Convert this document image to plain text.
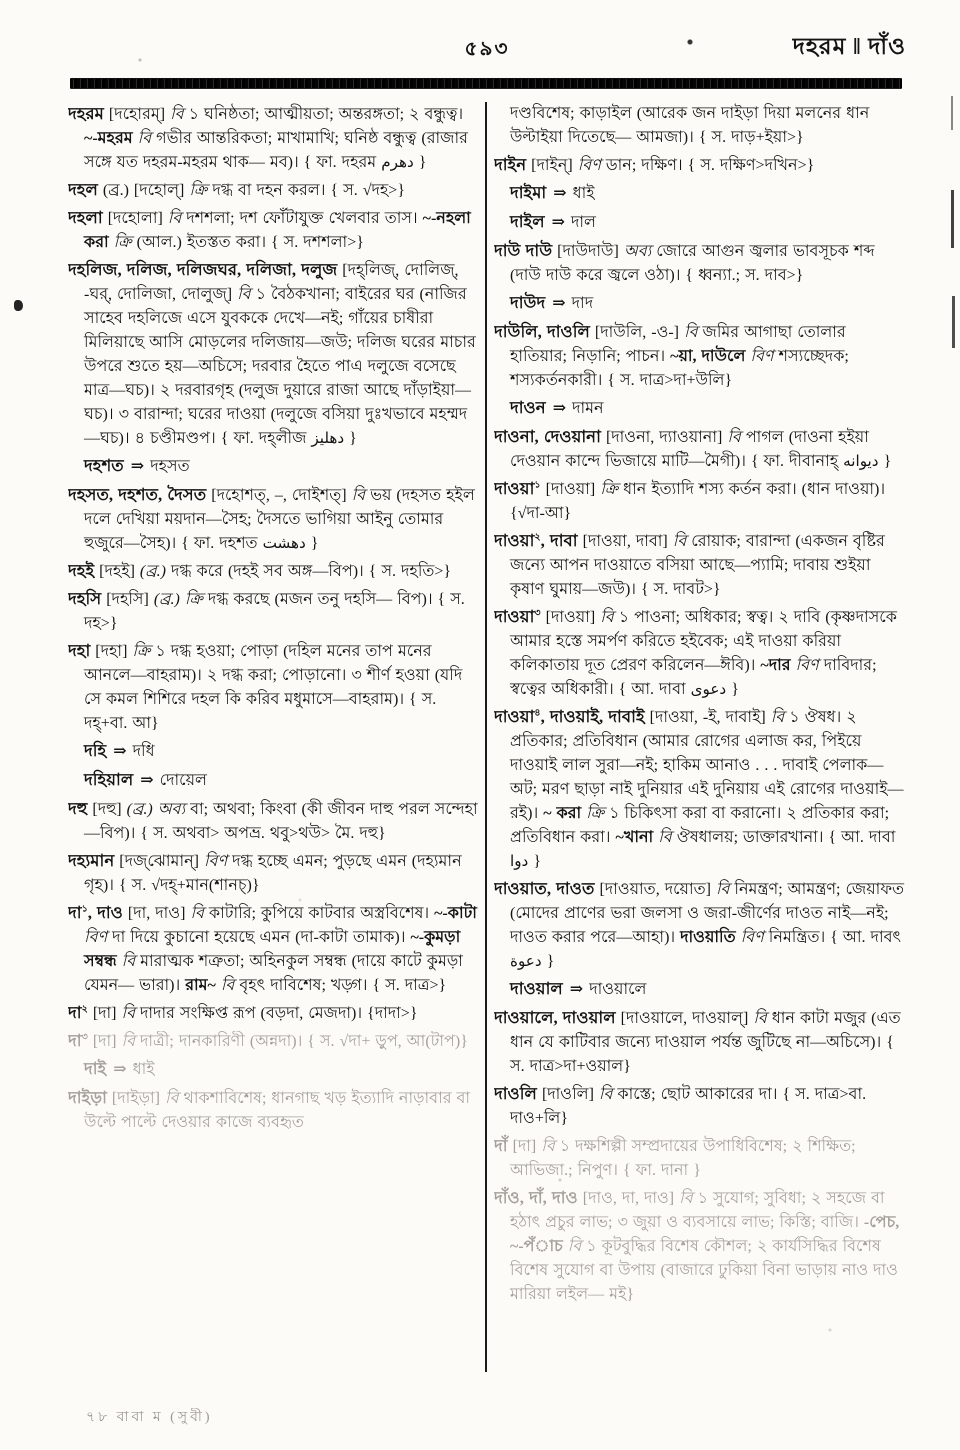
৫৯৩	দহরম ‖ দাঁও

দহরম [দহোরম্‌] বি ১ ঘনিষ্ঠতা; আত্মীয়তা; অন্তরঙ্গতা; ২ বন্ধুত্ব। ~-মহরম বি গভীর আন্তরিকতা; মাখামাখি; ঘনিষ্ঠ বন্ধুত্ব (রাজার সঙ্গে যত দহরম-মহরম থাক— মব)। { ফা. দহরম دهرم }

দহল (ব্র.) [দহোল্‌] ক্রি দগ্ধ বা দহন করল। { স. √দহ>}

দহলা [দহোলা] বি দশশলা; দশ ফোঁটাযুক্ত খেলবার তাস। ~-নহলা করা ক্রি (আল.) ইতস্তত করা। { স. দশশলা>}

দহলিজ, দলিজ, দলিজঘর, দলিজা, দলুজ [দহ্‌লিজ্‌, দোলিজ্‌, -ঘর্‌, দোলিজা, দোলুজ্‌] বি ১ বৈঠকখানা; বাইরের ঘর (নাজির সাহেব দহলিজে এসে যুবককে দেখে—নই; গাঁয়ের চাষীরা মিলিয়াছে আসি মোড়লের দলিজায়—জউ; দলিজ ঘরের মাচার উপরে শুতে হয়—অচিসে; দরবার হৈতে পাএ দলুজে বসেছে মাত্র—ঘচ)। ২ দরবারগৃহ (দলুজ দুয়ারে রাজা আছে দাঁড়াইয়া—ঘচ)। ৩ বারান্দা; ঘরের দাওয়া (দলুজে বসিয়া দুঃখভাবে মহম্মদ—ঘচ)। ৪ চণ্ডীমণ্ডপ। { ফা. দহ্‌লীজ دهليز }

দহশত ⇒ দহসত

দহসত, দহশত, দৈসত [দহোশত্‌, –, দোইশত্‌] বি ভয় (দহসত হইল দলে দেখিয়া ময়দান—সৈহ; দৈসতে ভাগিয়া আইনু তোমার হুজুরে—সৈহ)। { ফা. দহশত دهشت }

দহই [দহই] (ব্র.) দগ্ধ করে (দহই সব অঙ্গ—বিপ)। { স. দহতি>}

দহসি [দহসি] (ব্র.) ক্রি দগ্ধ করছে (মজন তনু দহসি— বিপ)। { স. দহ>}

দহা [দহা] ক্রি ১ দগ্ধ হওয়া; পোড়া (দহিল মনের তাপ মনের আনলে—বাহরাম)। ২ দগ্ধ করা; পোড়ানো। ৩ শীর্ণ হওয়া (যদি সে কমল শিশিরে দহল কি করিব মধুমাসে—বাহরাম)। { স. দহ্‌+বা. আ}

দহি ⇒ দধি

দহিয়াল ⇒ দোয়েল

দহু [দহু] (ব্র.) অব্য বা; অথবা; কিংবা (কী জীবন দাহু পরল সন্দেহা—বিপ)। { স. অথবা> অপভ্র. থবু>থউ> মৈ. দহু}

দহ্যমান [দজ্‌ঝোমান্‌] বিণ দগ্ধ হচ্ছে এমন; পুড়ছে এমন (দহ্যমান গৃহ)। { স. √দহ্‌+মান(শানচ্)}

দা$^১$, দাও [দা, দাও] বি কাটারি; কুপিয়ে কাটবার অস্ত্রবিশেষ। ~-কাটা বিণ দা দিয়ে কুচানো হয়েছে এমন (দা-কাটা তামাক)। ~-কুমড়া সম্বন্ধ বি মারাত্মক শত্রুতা; অহিনকুল সম্বন্ধ (দায়ে কাটে কুমড়া যেমন— ভারা)। রাম~ বি বৃহৎ দাবিশেষ; খড়্গ। { স. দাত্র>}

দা$^২$ [দা] বি দাদার সংক্ষিপ্ত রূপ (বড়দা, মেজদা)। {দাদা>}

দা$^৩$ [দা] বি দাত্রী; দানকারিণী (অন্নদা)। { স. √দা+ ড়ুপ, আ(টাপ)}

দাই ⇒ ধাই

দাইড়া [দাইড়া] বি থাকশাবিশেষ; ধানগাছ খড় ইত্যাদি নাড়াবার বা উল্টে পাল্টে দেওয়ার কাজে ব্যবহৃত

দণ্ডবিশেষ; কাড়াইল (আরেক জন দাইড়া দিয়া মলনের ধান উল্টাইয়া দিতেছে— আমজা)। { স. দাড়+ইয়া>}

দাইন [দাইন্‌] বিণ ডান; দক্ষিণ। { স. দক্ষিণ>দখিন>}

দাইমা ⇒ ধাই

দাইল ⇒ দাল

দাউ দাউ [দাউদাউ] অব্য জোরে আগুন জ্বলার ভাবসূচক শব্দ (দাউ দাউ করে জ্বলে ওঠা)। { ধ্বন্যা.; স. দাব>}

দাউদ ⇒ দাদ

দাউলি, দাওলি [দাউলি, -ও-] বি জমির আগাছা তোলার হাতিয়ার; নিড়ানি; পাচন। ~য়া, দাউলে বিণ শস্যচ্ছেদক; শস্যকর্তনকারী। { স. দাত্র>দা+উলি}

দাওন ⇒ দামন

দাওনা, দেওয়ানা [দাওনা, দ্যাওয়ানা] বি পাগল (দাওনা হইয়া দেওয়ান কান্দে ভিজায়ে মাটি—মৈগী)। { ফা. দীবানাহ্‌ ديوانه }

দাওয়া$^১$ [দাওয়া] ক্রি ধান ইত্যাদি শস্য কর্তন করা। (ধান দাওয়া)। {√দা-আ}

দাওয়া$^২$, দাবা [দাওয়া, দাবা] বি রোয়াক; বারান্দা (একজন বৃষ্টির জন্যে আপন দাওয়াতে বসিয়া আছে—প্যামি; দাবায় শুইয়া কৃষাণ ঘুমায়—জউ)। { স. দাবট>}

দাওয়া$^৩$ [দাওয়া] বি ১ পাওনা; অধিকার; স্বত্ব। ২ দাবি (কৃষ্ণদাসকে আমার হস্তে সমর্পণ করিতে হইবেক; এই দাওয়া করিয়া কলিকাতায় দূত প্রেরণ করিলেন—ঈবি)। ~দার বিণ দাবিদার; স্বত্বের অধিকারী। { আ. দাবা دعوى }

দাওয়া$^৪$, দাওয়াই, দাবাই [দাওয়া, -ই, দাবাই] বি ১ ঔষধ। ২ প্রতিকার; প্রতিবিধান (আমার রোগের এলাজ কর, পিইয়ে দাওয়াই লাল সুরা—নই; হাকিম আনাও . . . দাবাই পেলাক— অট; মরণ ছাড়া নাই দুনিয়ার এই দুনিয়ায় এই রোগের দাওয়াই—রই)। ~ করা ক্রি ১ চিকিৎসা করা বা করানো। ২ প্রতিকার করা; প্রতিবিধান করা। ~খানা বি ঔষধালয়; ডাক্তারখানা। { আ. দাবা دوا }

দাওয়াত, দাওত [দাওয়াত, দয়োত] বি নিমন্ত্রণ; আমন্ত্রণ; জেয়াফত (মোদের প্রাণের ভরা জলসা ও জরা-জীর্ণের দাওত নাই—নই; দাওত করার পরে—আহা)। দাওয়াতি বিণ নিমন্ত্রিত। { আ. দাবৎ دعوة }

দাওয়াল ⇒ দাওয়ালে

দাওয়ালে, দাওয়াল [দাওয়ালে, দাওয়াল্‌] বি ধান কাটা মজুর (এত ধান যে কাটিবার জন্যে দাওয়াল পর্যন্ত জুটিছে না—অচিসে)। { স. দাত্র>দা+ওয়াল}

দাওলি [দাওলি] বি কাস্তে; ছোট আকারের দা। { স. দাত্র>বা. দাও+লি}

দাঁ [দা] বি ১ দক্ষশিল্পী সম্প্রদায়ের উপাধিবিশেষ; ২ শিক্ষিত; আভিজা.; নিপুণ। { ফা. দানা }

দাঁও, দাঁ, দাও [দাও, দা, দাও] বি ১ সুযোগ; সুবিধা; ২ সহজে বা হঠাৎ প্রচুর লাভ; ৩ জুয়া ও ব্যবসায়ে লাভ; কিস্তি; বাজি। -পেচ, ~-পঁাচ বি ১ কূটবুদ্ধির বিশেষ কৌশল; ২ কার্যসিদ্ধির বিশেষ বিশেষ সুযোগ বা উপায় (বাজারে ঢুকিয়া বিনা ভাড়ায় নাও দাও মারিয়া লইল— মই}

৭৮ বাবা ম (সুবী)
